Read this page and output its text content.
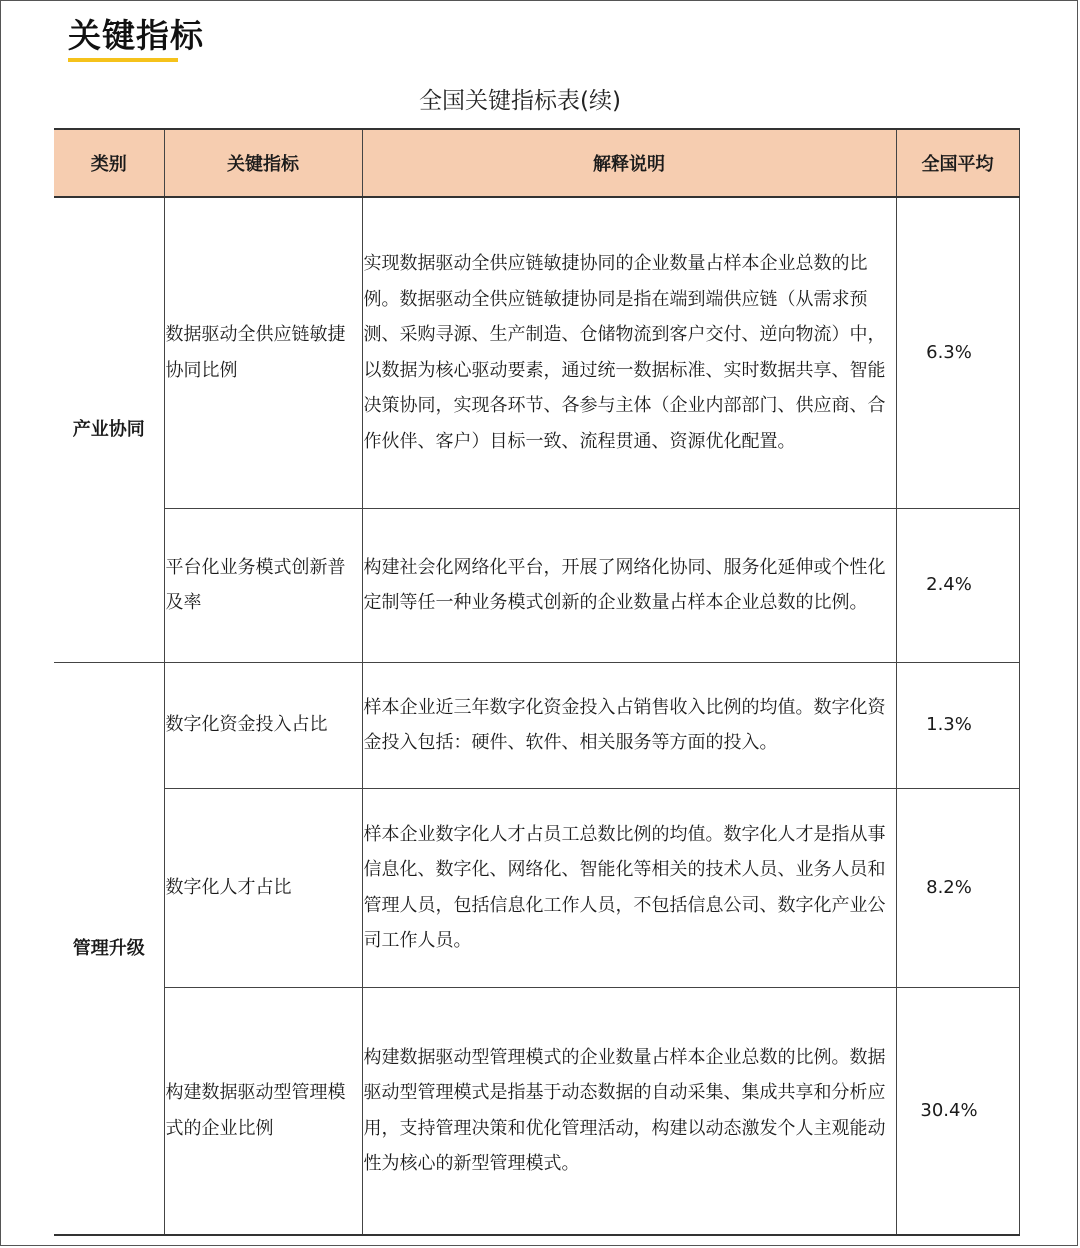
关键指标
全国关键指标表(续)
类别	关键指标	解释说明	全国平均
产业协同	数据驱动全供应链敏捷协同比例	实现数据驱动全供应链敏捷协同的企业数量占样本企业总数的比例。数据驱动全供应链敏捷协同是指在端到端供应链（从需求预测、采购寻源、生产制造、仓储物流到客户交付、逆向物流）中，以数据为核心驱动要素，通过统一数据标准、实时数据共享、智能决策协同，实现各环节、各参与主体（企业内部部门、供应商、合作伙伴、客户）目标一致、流程贯通、资源优化配置。	6.3%
	平台化业务模式创新普及率	构建社会化网络化平台，开展了网络化协同、服务化延伸或个性化定制等任一种业务模式创新的企业数量占样本企业总数的比例。	2.4%
管理升级	数字化资金投入占比	样本企业近三年数字化资金投入占销售收入比例的均值。数字化资金投入包括：硬件、软件、相关服务等方面的投入。	1.3%
	数字化人才占比	样本企业数字化人才占员工总数比例的均值。数字化人才是指从事信息化、数字化、网络化、智能化等相关的技术人员、业务人员和管理人员，包括信息化工作人员，不包括信息公司、数字化产业公司工作人员。	8.2%
	构建数据驱动型管理模式的企业比例	构建数据驱动型管理模式的企业数量占样本企业总数的比例。数据驱动型管理模式是指基于动态数据的自动采集、集成共享和分析应用，支持管理决策和优化管理活动，构建以动态激发个人主观能动性为核心的新型管理模式。	30.4%
